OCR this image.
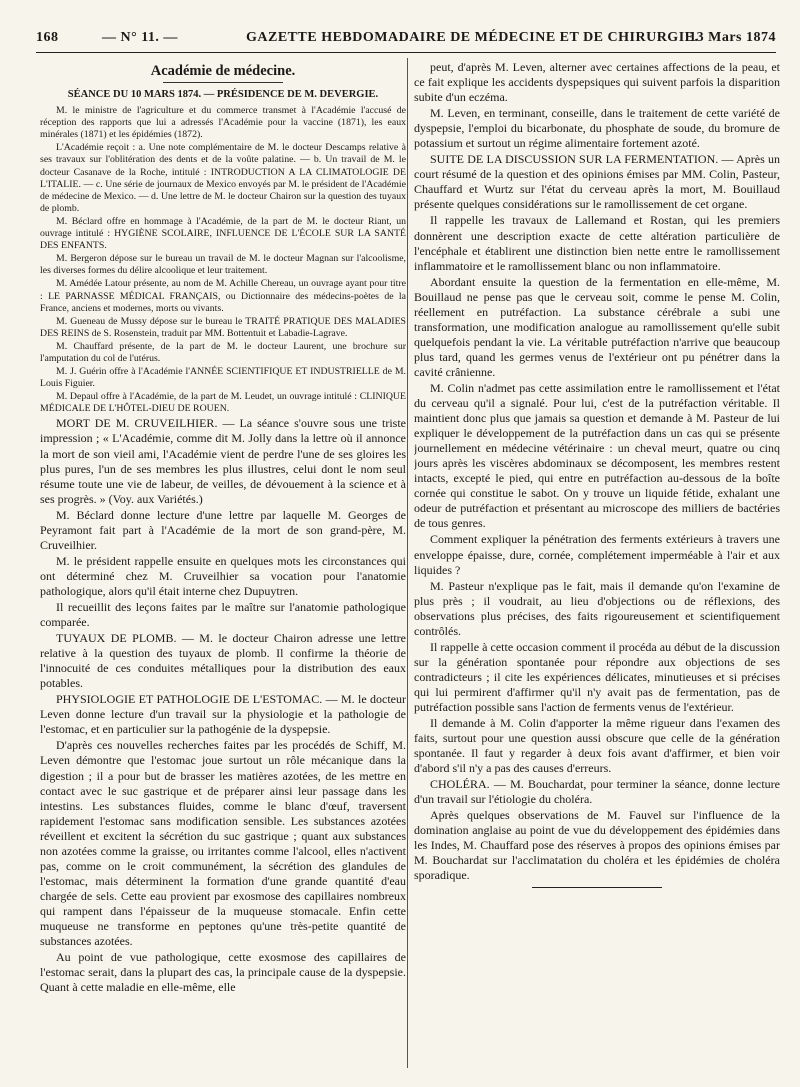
168	— N° 11. —	GAZETTE HEBDOMADAIRE DE MÉDECINE ET DE CHIRURGIE.
13 Mars 1874
Académie de médecine.
SÉANCE DU 10 MARS 1874. — PRÉSIDENCE DE M. DEVERGIE.

M. le ministre de l'agriculture et du commerce transmet à l'Académie l'accusé de réception des rapports que lui a adressés l'Académie pour la vaccine (1871), les eaux minérales (1871) et les épidémies (1872).

L'Académie reçoit : a. Une note complémentaire de M. le docteur Descamps relative à ses travaux sur l'oblitération des dents et de la voûte palatine. — b. Un travail de M. le docteur Casanave de la Roche, intitulé : INTRODUCTION A LA CLIMATOLOGIE DE L'ITALIE. — c. Une série de journaux de Mexico envoyés par M. le président de l'Académie de médecine de Mexico. — d. Une lettre de M. le docteur Chairon sur la question des tuyaux de plomb.

M. Béclard offre en hommage à l'Académie, de la part de M. le docteur Riant, un ouvrage intitulé : HYGIÈNE SCOLAIRE, INFLUENCE DE L'ÉCOLE SUR LA SANTÉ DES ENFANTS.

M. Bergeron dépose sur le bureau un travail de M. le docteur Magnan sur l'alcoolisme, les diverses formes du délire alcoolique et leur traitement.

M. Amédée Latour présente, au nom de M. Achille Chereau, un ouvrage ayant pour titre : LE PARNASSE MÉDICAL FRANÇAIS, ou Dictionnaire des médecins-poètes de la France, anciens et modernes, morts ou vivants.

M. Gueneau de Mussy dépose sur le bureau le TRAITÉ PRATIQUE DES MALADIES DES REINS de S. Rosenstein, traduit par MM. Bottentuit et Labadie-Lagrave.

M. Chauffard présente, de la part de M. le docteur Laurent, une brochure sur l'amputation du col de l'utérus.

M. J. Guérin offre à l'Académie l'ANNÉE SCIENTIFIQUE ET INDUSTRIELLE de M. Louis Figuier.

M. Depaul offre à l'Académie, de la part de M. Leudet, un ouvrage intitulé : CLINIQUE MÉDICALE DE L'HÔTEL-DIEU DE ROUEN.

MORT DE M. CRUVEILHIER. — La séance s'ouvre sous une triste impression ; « L'Académie, comme dit M. Jolly dans la lettre où il annonce la mort de son vieil ami, l'Académie vient de perdre l'une de ses gloires les plus pures, l'un de ses membres les plus illustres, celui dont le nom seul résume toute une vie de labeur, de veilles, de dévouement à la science et à ses progrès. » (Voy. aux Variétés.)

M. Béclard donne lecture d'une lettre par laquelle M. Georges de Peyramont fait part à l'Académie de la mort de son grand-père, M. Cruveilhier.

M. le président rappelle ensuite en quelques mots les circonstances qui ont déterminé chez M. Cruveilhier sa vocation pour l'anatomie pathologique, alors qu'il était interne chez Dupuytren.

Il recueillit des leçons faites par le maître sur l'anatomie pathologique comparée.

TUYAUX DE PLOMB. — M. le docteur Chairon adresse une lettre relative à la question des tuyaux de plomb. Il confirme la théorie de l'innocuité de ces conduites métalliques pour la distribution des eaux potables.

PHYSIOLOGIE ET PATHOLOGIE DE L'ESTOMAC. — M. le docteur Leven donne lecture d'un travail sur la physiologie et la pathologie de l'estomac, et en particulier sur la pathogénie de la dyspepsie.

D'après ces nouvelles recherches faites par les procédés de Schiff, M. Leven démontre que l'estomac joue surtout un rôle mécanique dans la digestion ; il a pour but de brasser les matières azotées, de les mettre en contact avec le suc gastrique et de préparer ainsi leur passage dans les intestins. Les substances fluides, comme le blanc d'œuf, traversent rapidement l'estomac sans modification sensible. Les substances azotées réveillent et excitent la sécrétion du suc gastrique ; quant aux substances non azotées comme la graisse, ou irritantes comme l'alcool, elles n'activent pas, comme on le croit communément, la sécrétion des glandules de l'estomac, mais déterminent la formation d'une grande quantité d'eau chargée de sels. Cette eau provient par exosmose des capillaires nombreux qui rampent dans l'épaisseur de la muqueuse stomacale. Enfin cette muqueuse ne transforme en peptones qu'une très-petite quantité de substances azotées.

Au point de vue pathologique, cette exosmose des capillaires de l'estomac serait, dans la plupart des cas, la principale cause de la dyspepsie. Quant à cette maladie en elle-même, elle

peut, d'après M. Leven, alterner avec certaines affections de la peau, et ce fait explique les accidents dyspepsiques qui suivent parfois la disparition subite d'un eczéma.

M. Leven, en terminant, conseille, dans le traitement de cette variété de dyspepsie, l'emploi du bicarbonate, du phosphate de soude, du bromure de potassium et surtout un régime alimentaire fortement azoté.

SUITE DE LA DISCUSSION SUR LA FERMENTATION. — Après un court résumé de la question et des opinions émises par MM. Colin, Pasteur, Chauffard et Wurtz sur l'état du cerveau après la mort, M. Bouillaud présente quelques considérations sur le ramollissement de cet organe.

Il rappelle les travaux de Lallemand et Rostan, qui les premiers donnèrent une description exacte de cette altération particulière de l'encéphale et établirent une distinction bien nette entre le ramollissement inflammatoire et le ramollissement blanc ou non inflammatoire.

Abordant ensuite la question de la fermentation en elle-même, M. Bouillaud ne pense pas que le cerveau soit, comme le pense M. Colin, réellement en putréfaction. La substance cérébrale a subi une transformation, une modification analogue au ramollissement qu'elle subit quelquefois pendant la vie. La véritable putréfaction n'arrive que beaucoup plus tard, quand les germes venus de l'extérieur ont pu pénétrer dans la cavité crânienne.

M. Colin n'admet pas cette assimilation entre le ramollissement et l'état du cerveau qu'il a signalé. Pour lui, c'est de la putréfaction véritable. Il maintient donc plus que jamais sa question et demande à M. Pasteur de lui expliquer le développement de la putréfaction dans un cas qui se présente journellement en médecine vétérinaire : un cheval meurt, quatre ou cinq jours après les viscères abdominaux se décomposent, les membres restent intacts, excepté le pied, qui entre en putréfaction au-dessous de la boîte cornée qui constitue le sabot. On y trouve un liquide fétide, exhalant une odeur de putréfaction et présentant au microscope des milliers de bactéries de tous genres.

Comment expliquer la pénétration des ferments extérieurs à travers une enveloppe épaisse, dure, cornée, complétement imperméable à l'air et aux liquides ?

M. Pasteur n'explique pas le fait, mais il demande qu'on l'examine de plus près ; il voudrait, au lieu d'objections ou de réflexions, des observations plus précises, des faits rigoureusement et scientifiquement contrôlés.

Il rappelle à cette occasion comment il procéda au début de la discussion sur la génération spontanée pour répondre aux objections de ses contradicteurs ; il cite les expériences délicates, minutieuses et si précises qui lui permirent d'affirmer qu'il n'y avait pas de fermentation, pas de putréfaction possible sans l'action de ferments venus de l'extérieur.

Il demande à M. Colin d'apporter la même rigueur dans l'examen des faits, surtout pour une question aussi obscure que celle de la génération spontanée. Il faut y regarder à deux fois avant d'affirmer, et bien voir d'abord s'il n'y a pas des causes d'erreurs.

CHOLÉRA. — M. Bouchardat, pour terminer la séance, donne lecture d'un travail sur l'étiologie du choléra.

Après quelques observations de M. Fauvel sur l'influence de la domination anglaise au point de vue du développement des épidémies dans les Indes, M. Chauffard pose des réserves à propos des opinions émises par M. Bouchardat sur l'acclimatation du choléra et les épidémies de choléra sporadique.
